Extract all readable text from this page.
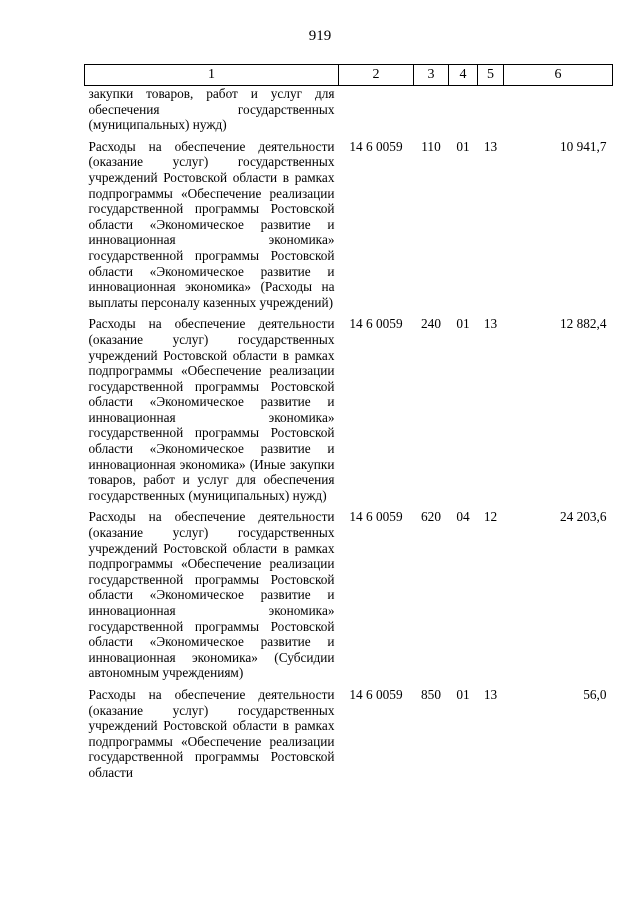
919
1	2	3	4	5	6
закупки товаров, работ и услуг для обеспечения государственных (муниципальных) нужд)					
Расходы на обеспечение деятельности (оказание услуг) государственных учреждений Ростовской области в рамках подпрограммы «Обеспечение реализации государственной программы Ростовской области «Экономическое развитие и инновационная экономика» государственной программы Ростовской области «Экономическое развитие и инновационная экономика» (Расходы на выплаты персоналу казенных учреждений)	14 6 0059	110	01	13	10 941,7
Расходы на обеспечение деятельности (оказание услуг) государственных учреждений Ростовской области в рамках подпрограммы «Обеспечение реализации государственной программы Ростовской области «Экономическое развитие и инновационная экономика» государственной программы Ростовской области «Экономическое развитие и инновационная экономика» (Иные закупки товаров, работ и услуг для обеспечения государственных (муниципальных) нужд)	14 6 0059	240	01	13	12 882,4
Расходы на обеспечение деятельности (оказание услуг) государственных учреждений Ростовской области в рамках подпрограммы «Обеспечение реализации государственной программы Ростовской области «Экономическое развитие и инновационная экономика» государственной программы Ростовской области «Экономическое развитие и инновационная экономика» (Субсидии автономным учреждениям)	14 6 0059	620	04	12	24 203,6
Расходы на обеспечение деятельности (оказание услуг) государственных учреждений Ростовской области в рамках подпрограммы «Обеспечение реализации государственной программы Ростовской области	14 6 0059	850	01	13	56,0
